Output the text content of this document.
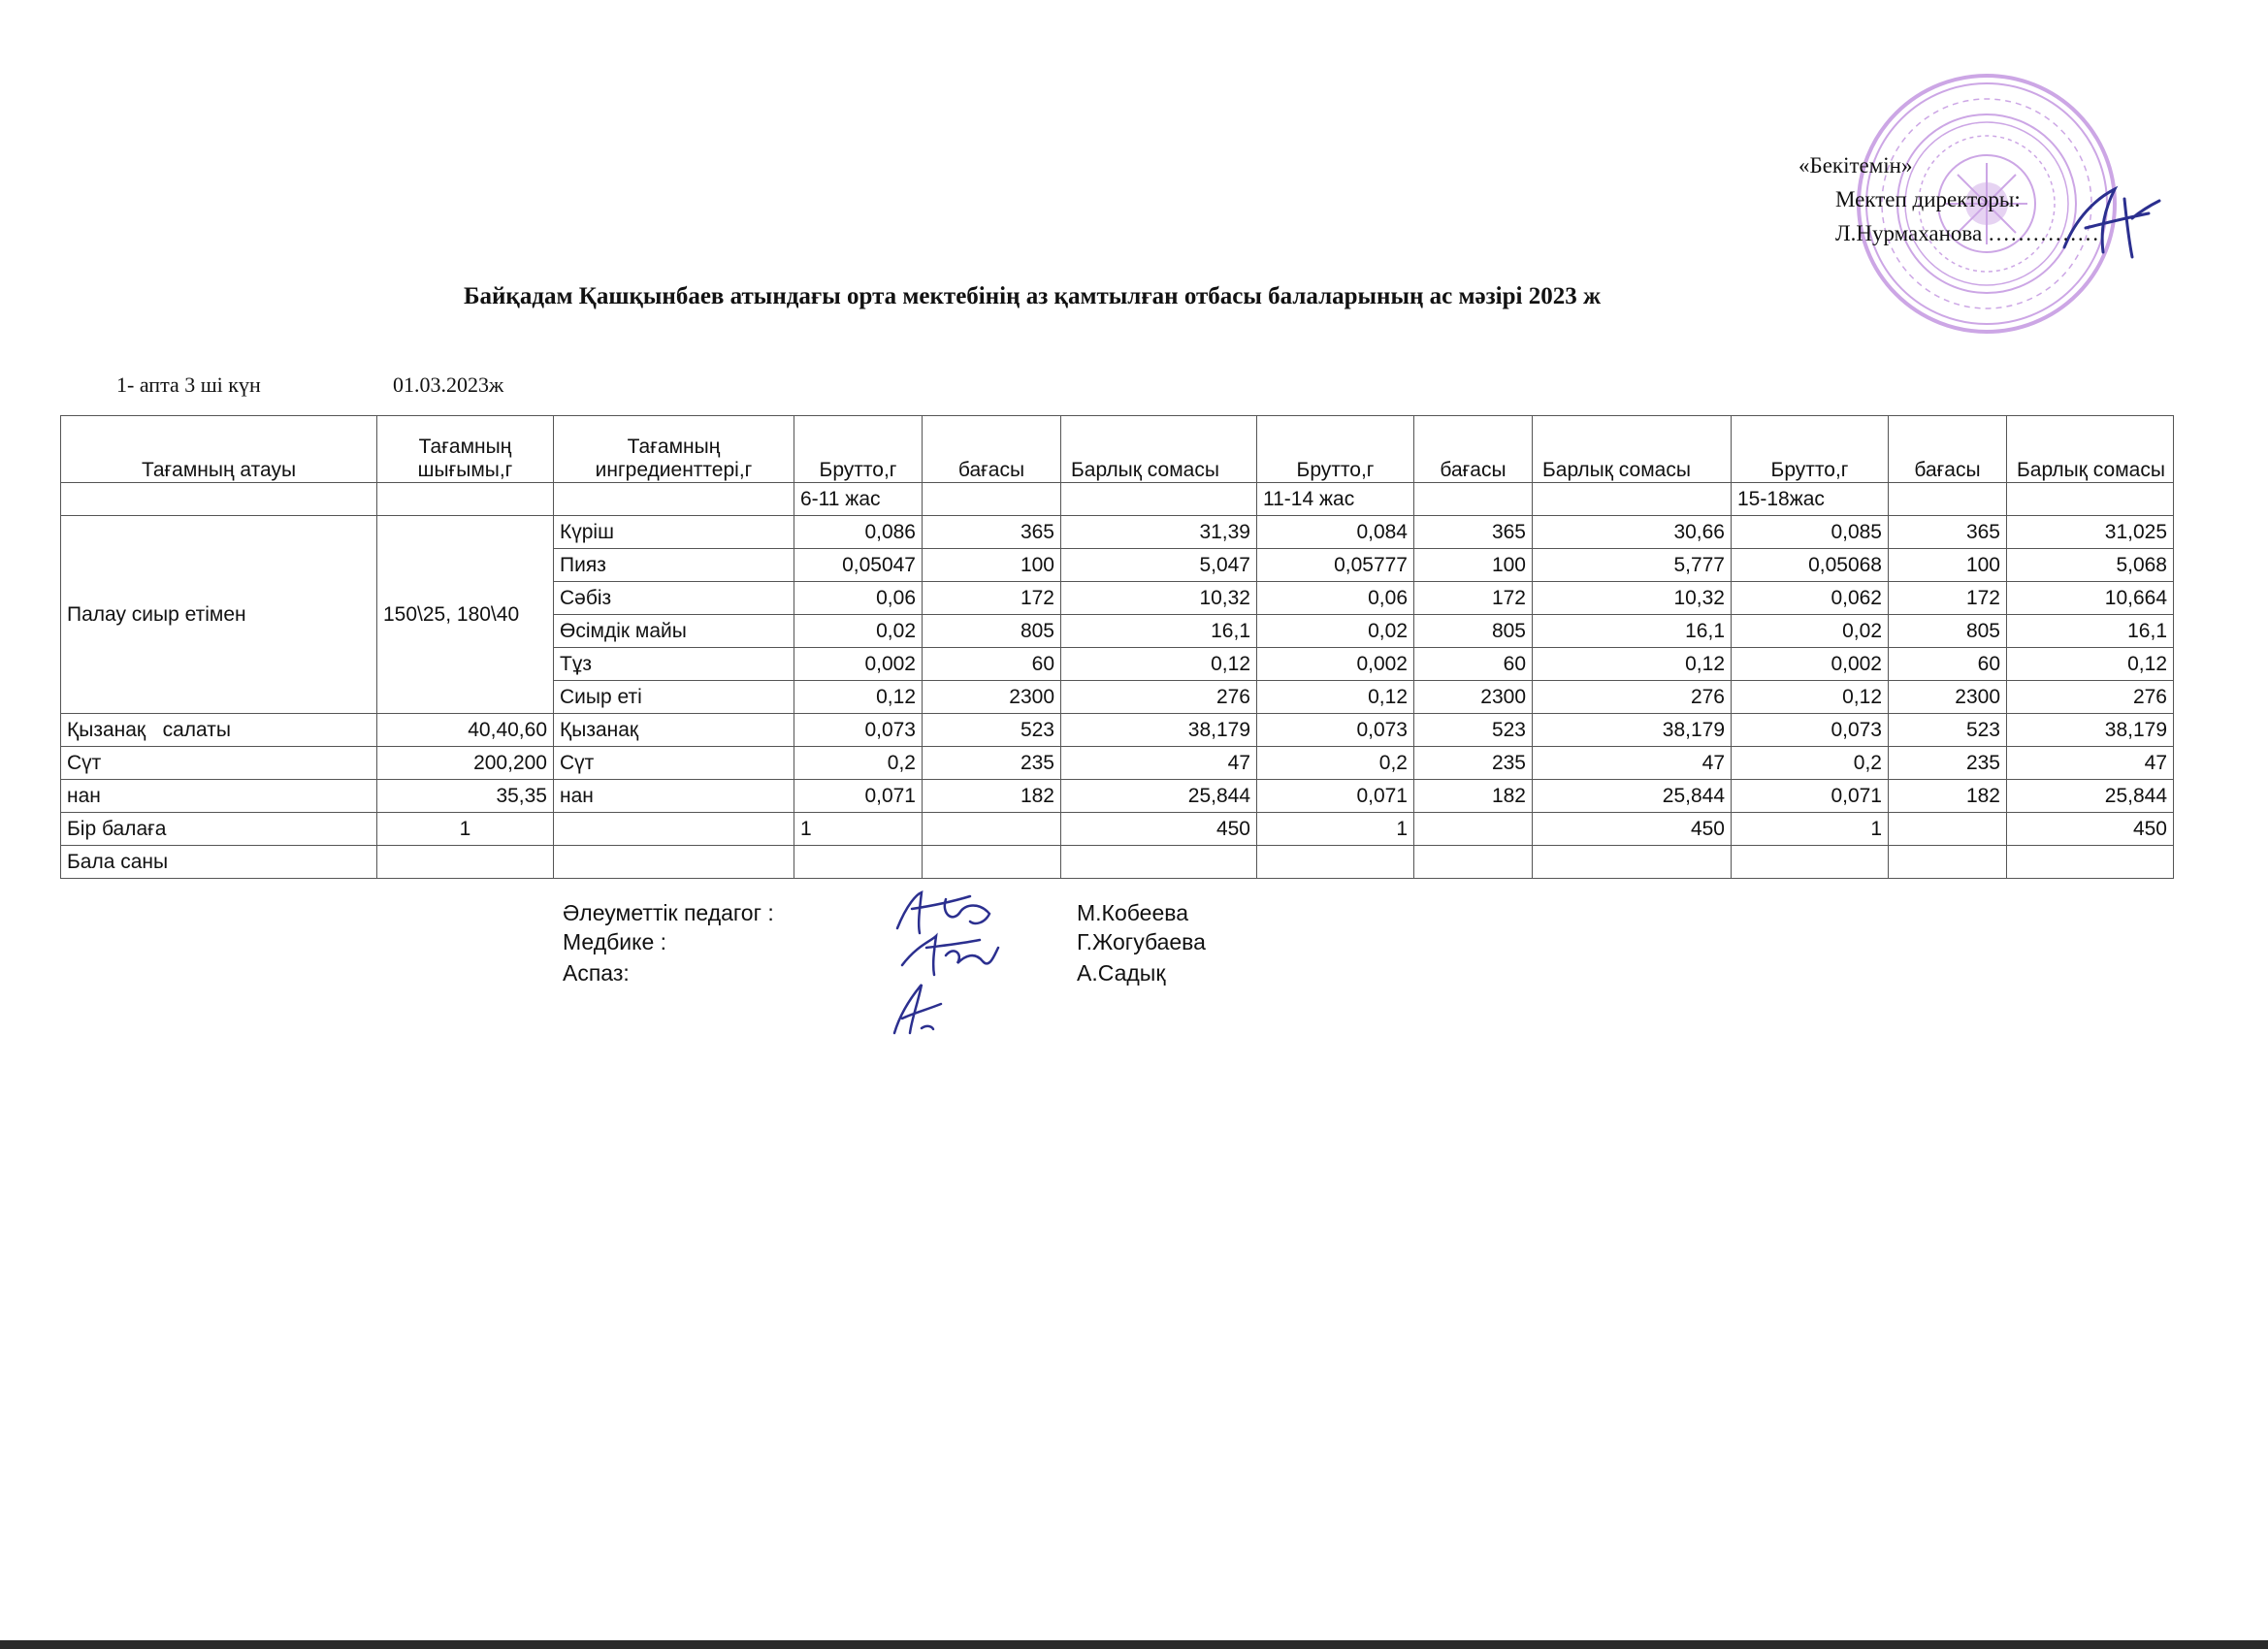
«Бекітемін»
Мектеп директоры:
Л.Нурмаханова ……………
Байқадам Қашқынбаев атындағы орта мектебінің аз қамтылған отбасы балаларының ас мәзірі 2023 ж
1- апта 3 ші күн	01.03.2023ж
Тағамның атауы	Тағамның шығымы,г	Тағамның ингредиенттері,г	Брутто,г	бағасы	Барлық сомасы	Брутто,г	бағасы	Барлық сомасы	Брутто,г	бағасы	Барлық сомасы
			6-11 жас			11-14 жас			15-18жас		
Палау сиыр етімен	150\25, 180\40	Күріш	0,086	365	31,39	0,084	365	30,66	0,085	365	31,025
		Пияз	0,05047	100	5,047	0,05777	100	5,777	0,05068	100	5,068
		Сәбіз	0,06	172	10,32	0,06	172	10,32	0,062	172	10,664
		Өсімдік майы	0,02	805	16,1	0,02	805	16,1	0,02	805	16,1
		Тұз	0,002	60	0,12	0,002	60	0,12	0,002	60	0,12
		Сиыр еті	0,12	2300	276	0,12	2300	276	0,12	2300	276
Қызанақ   салаты	40,40,60	Қызанақ	0,073	523	38,179	0,073	523	38,179	0,073	523	38,179
Сүт	200,200	Сүт	0,2	235	47	0,2	235	47	0,2	235	47
нан	35,35	нан	0,071	182	25,844	0,071	182	25,844	0,071	182	25,844
Бір балаға	1		1		450	1		450	1		450
Бала саны											
Әлеуметтік педагог :	М.Кобеева
Медбике :	Г.Жогубаева
Аспаз:	А.Садық
